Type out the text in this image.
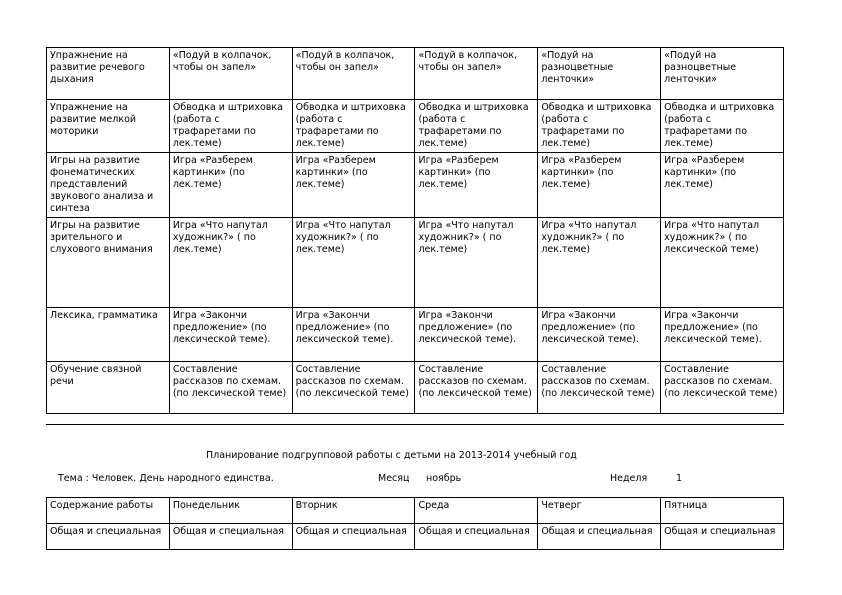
Упражнение на развитие речевого дыхания	«Подуй в колпачок, чтобы он запел»	«Подуй в колпачок, чтобы он запел»	«Подуй в колпачок, чтобы он запел»	«Подуй на разноцветные ленточки»	«Подуй на разноцветные ленточки»
Упражнение на развитие мелкой моторики	Обводка и штриховка (работа с трафаретами по лек.теме)	Обводка и штриховка (работа с трафаретами по лек.теме)	Обводка и штриховка (работа с трафаретами по лек.теме)	Обводка и штриховка (работа с трафаретами по лек.теме)	Обводка и штриховка (работа с трафаретами по лек.теме)
Игры на развитие фонематических представлений звукового анализа и синтеза	Игра «Разберем картинки» (по лек.теме)	Игра «Разберем картинки» (по лек.теме)	Игра «Разберем картинки» (по лек.теме)	Игра «Разберем картинки» (по лек.теме)	Игра «Разберем картинки» (по лек.теме)
Игры на развитие зрительного и слухового внимания	Игра «Что напутал художник?» ( по лек.теме)	Игра «Что напутал художник?» ( по лек.теме)	Игра «Что напутал художник?» ( по лек.теме)	Игра «Что напутал художник?» ( по лек.теме)	Игра «Что напутал художник?» ( по лексической теме)
Лексика, грамматика	Игра «Закончи предложение» (по лексической теме).	Игра «Закончи предложение» (по лексической теме).	Игра «Закончи предложение» (по лексической теме).	Игра «Закончи предложение» (по лексической теме).	Игра «Закончи предложение» (по лексической теме).
Обучение связной речи	Составление рассказов по схемам. (по лексической теме)	Составление рассказов по схемам. (по лексической теме)	Составление рассказов по схемам. (по лексической теме)	Составление рассказов по схемам. (по лексической теме)	Составление рассказов по схемам. (по лексической теме)
Планирование подгрупповой работы с детьми на 2013-2014 учебный год
Тема : Человек. День народного единства.	Месяц ноябрь	Неделя	1
Содержание работы	Понедельник	Вторник	Среда	Четверг	Пятница
Общая и специальная	Общая и специальная	Общая и специальная	Общая и специальная	Общая и специальная	Общая и специальная
